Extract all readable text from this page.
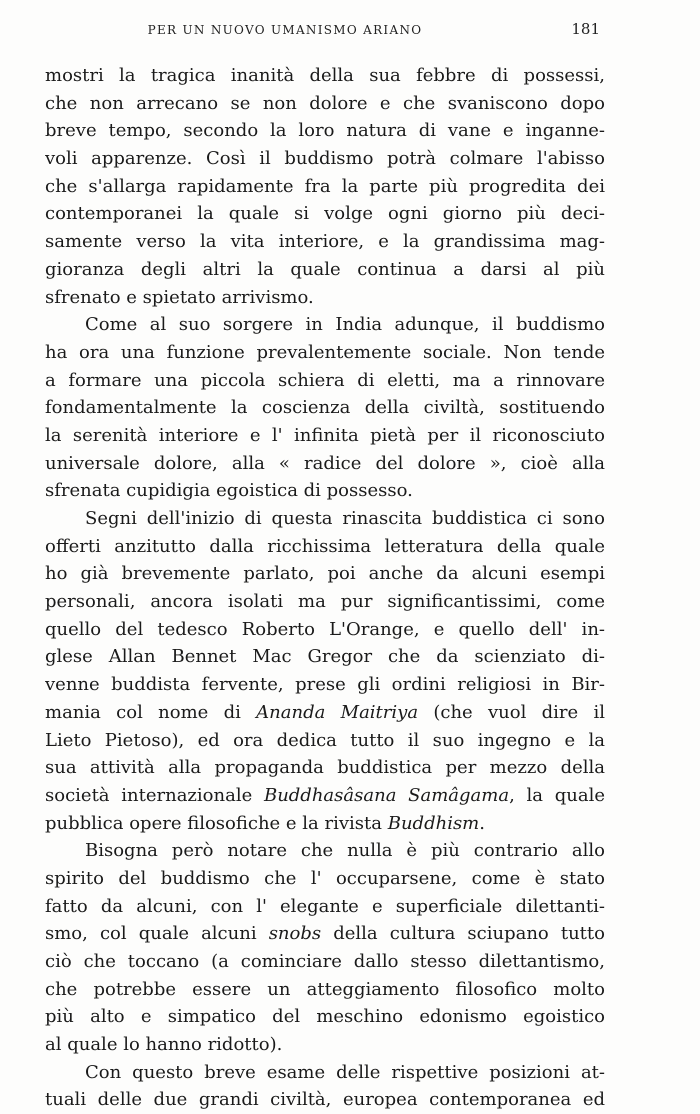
PER UN NUOVO UMANISMO ARIANO	181
mostri la tragica inanità della sua febbre di possessi,
che non arrecano se non dolore e che svaniscono dopo
breve tempo, secondo la loro natura di vane e inganne-
voli apparenze. Così il buddismo potrà colmare l'abisso
che s'allarga rapidamente fra la parte più progredita dei
contemporanei la quale si volge ogni giorno più deci-
samente verso la vita interiore, e la grandissima mag-
gioranza degli altri la quale continua a darsi al più
sfrenato e spietato arrivismo.
Come al suo sorgere in India adunque, il buddismo
ha ora una funzione prevalentemente sociale. Non tende
a formare una piccola schiera di eletti, ma a rinnovare
fondamentalmente la coscienza della civiltà, sostituendo
la serenità interiore e l' infinita pietà per il riconosciuto
universale dolore, alla « radice del dolore », cioè alla
sfrenata cupidigia egoistica di possesso.
Segni dell'inizio di questa rinascita buddistica ci sono
offerti anzitutto dalla ricchissima letteratura della quale
ho già brevemente parlato, poi anche da alcuni esempi
personali, ancora isolati ma pur significantissimi, come
quello del tedesco Roberto L'Orange, e quello dell' in-
glese Allan Bennet Mac Gregor che da scienziato di-
venne buddista fervente, prese gli ordini religiosi in Bir-
mania col nome di Ananda Maitriya (che vuol dire il
Lieto Pietoso), ed ora dedica tutto il suo ingegno e la
sua attività alla propaganda buddistica per mezzo della
società internazionale Buddhasâsana Samâgama, la quale
pubblica opere filosofiche e la rivista Buddhism.
Bisogna però notare che nulla è più contrario allo
spirito del buddismo che l' occuparsene, come è stato
fatto da alcuni, con l' elegante e superficiale dilettanti-
smo, col quale alcuni snobs della cultura sciupano tutto
ciò che toccano (a cominciare dallo stesso dilettantismo,
che potrebbe essere un atteggiamento filosofico molto
più alto e simpatico del meschino edonismo egoistico
al quale lo hanno ridotto).
Con questo breve esame delle rispettive posizioni at-
tuali delle due grandi civiltà, europea contemporanea ed
